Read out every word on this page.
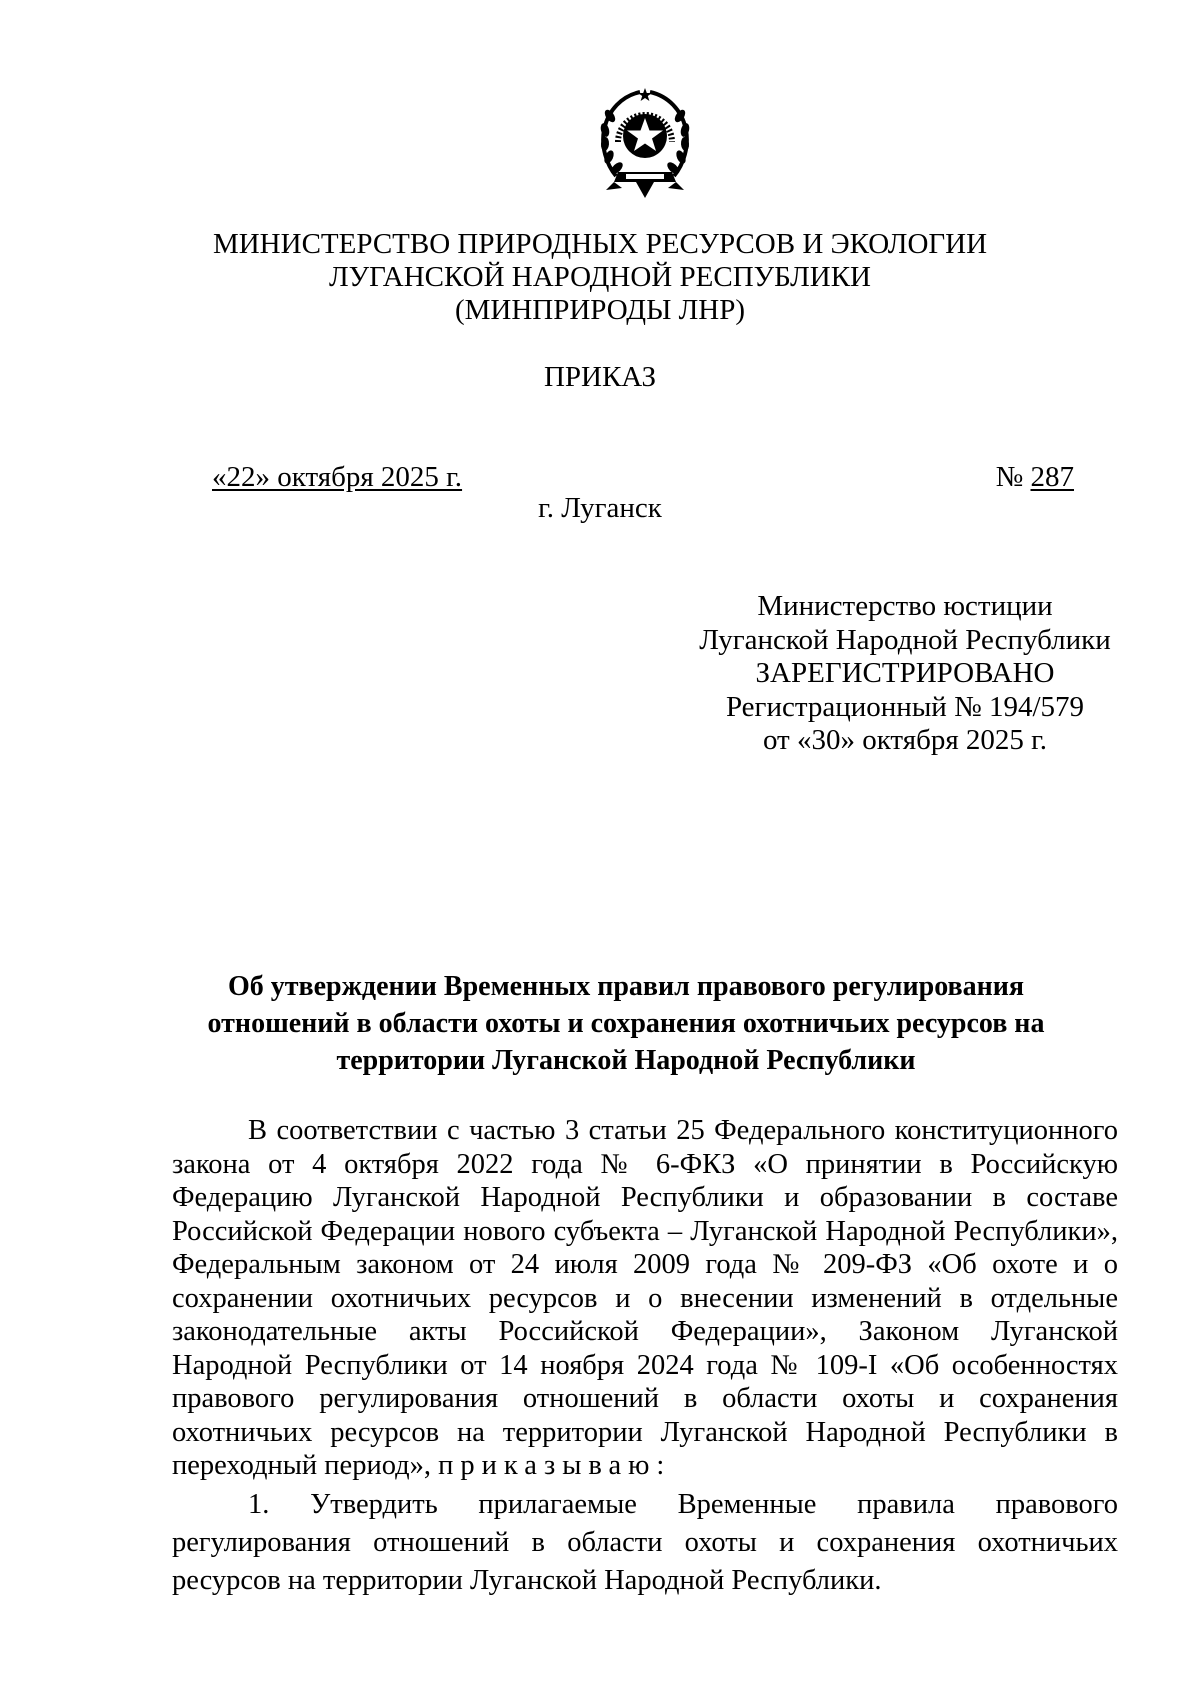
МИНИСТЕРСТВО ПРИРОДНЫХ РЕСУРСОВ И ЭКОЛОГИИ
ЛУГАНСКОЙ НАРОДНОЙ РЕСПУБЛИКИ
(МИНПРИРОДЫ ЛНР)
ПРИКАЗ
«22» октября 2025 г.	№ 287
г. Луганск
Министерство юстиции
Луганской Народной Республики
ЗАРЕГИСТРИРОВАНО
Регистрационный № 194/579
от «30» октября 2025 г.
Об утверждении Временных правил правового регулирования
отношений в области охоты и сохранения охотничьих ресурсов на
территории Луганской Народной Республики
В соответствии с частью 3 статьи 25 Федерального конституционного закона от 4 октября 2022 года № 6-ФКЗ «О принятии в Российскую Федерацию Луганской Народной Республики и образовании в составе Российской Федерации нового субъекта – Луганской Народной Республики», Федеральным законом от 24 июля 2009 года № 209-ФЗ «Об охоте и о сохранении охотничьих ресурсов и о внесении изменений в отдельные законодательные акты Российской Федерации», Законом Луганской Народной Республики от 14 ноября 2024 года № 109-I «Об особенностях правового регулирования отношений в области охоты и сохранения охотничьих ресурсов на территории Луганской Народной Республики в переходный период», приказываю:
1. Утвердить прилагаемые Временные правила правового регулирования отношений в области охоты и сохранения охотничьих ресурсов на территории Луганской Народной Республики.
